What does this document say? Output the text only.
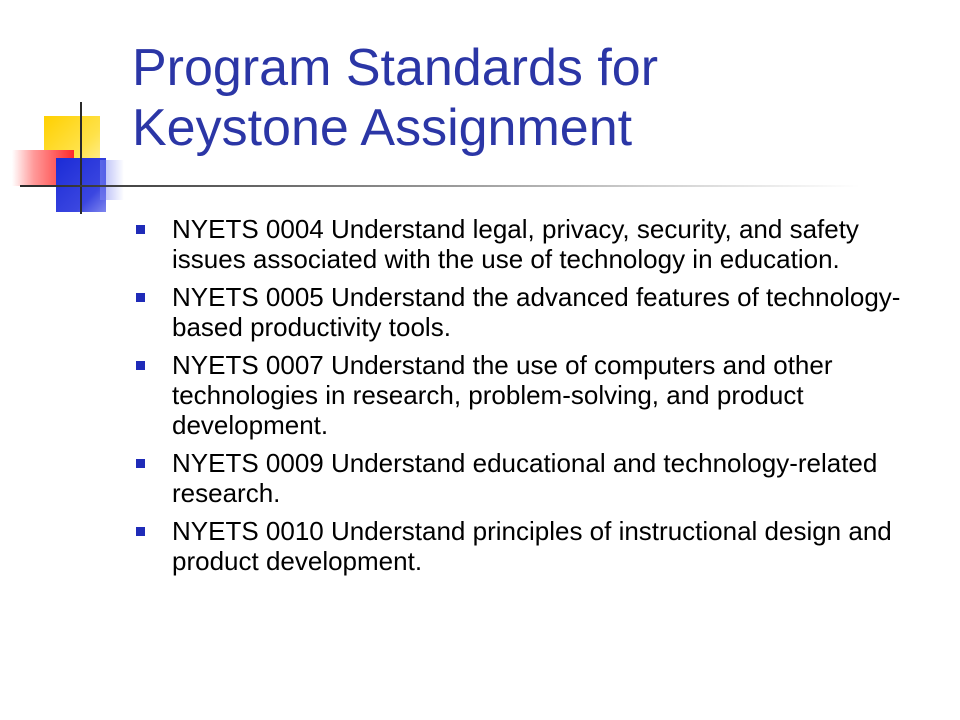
Program Standards for
Keystone Assignment
NYETS 0004 Understand legal, privacy, security, and safety issues associated with the use of technology in education.
NYETS 0005 Understand the advanced features of technology-based productivity tools.
NYETS 0007 Understand the use of computers and other technologies in research, problem-solving, and product development.
NYETS 0009 Understand educational and technology-related research.
NYETS 0010 Understand principles of instructional design and product development.
